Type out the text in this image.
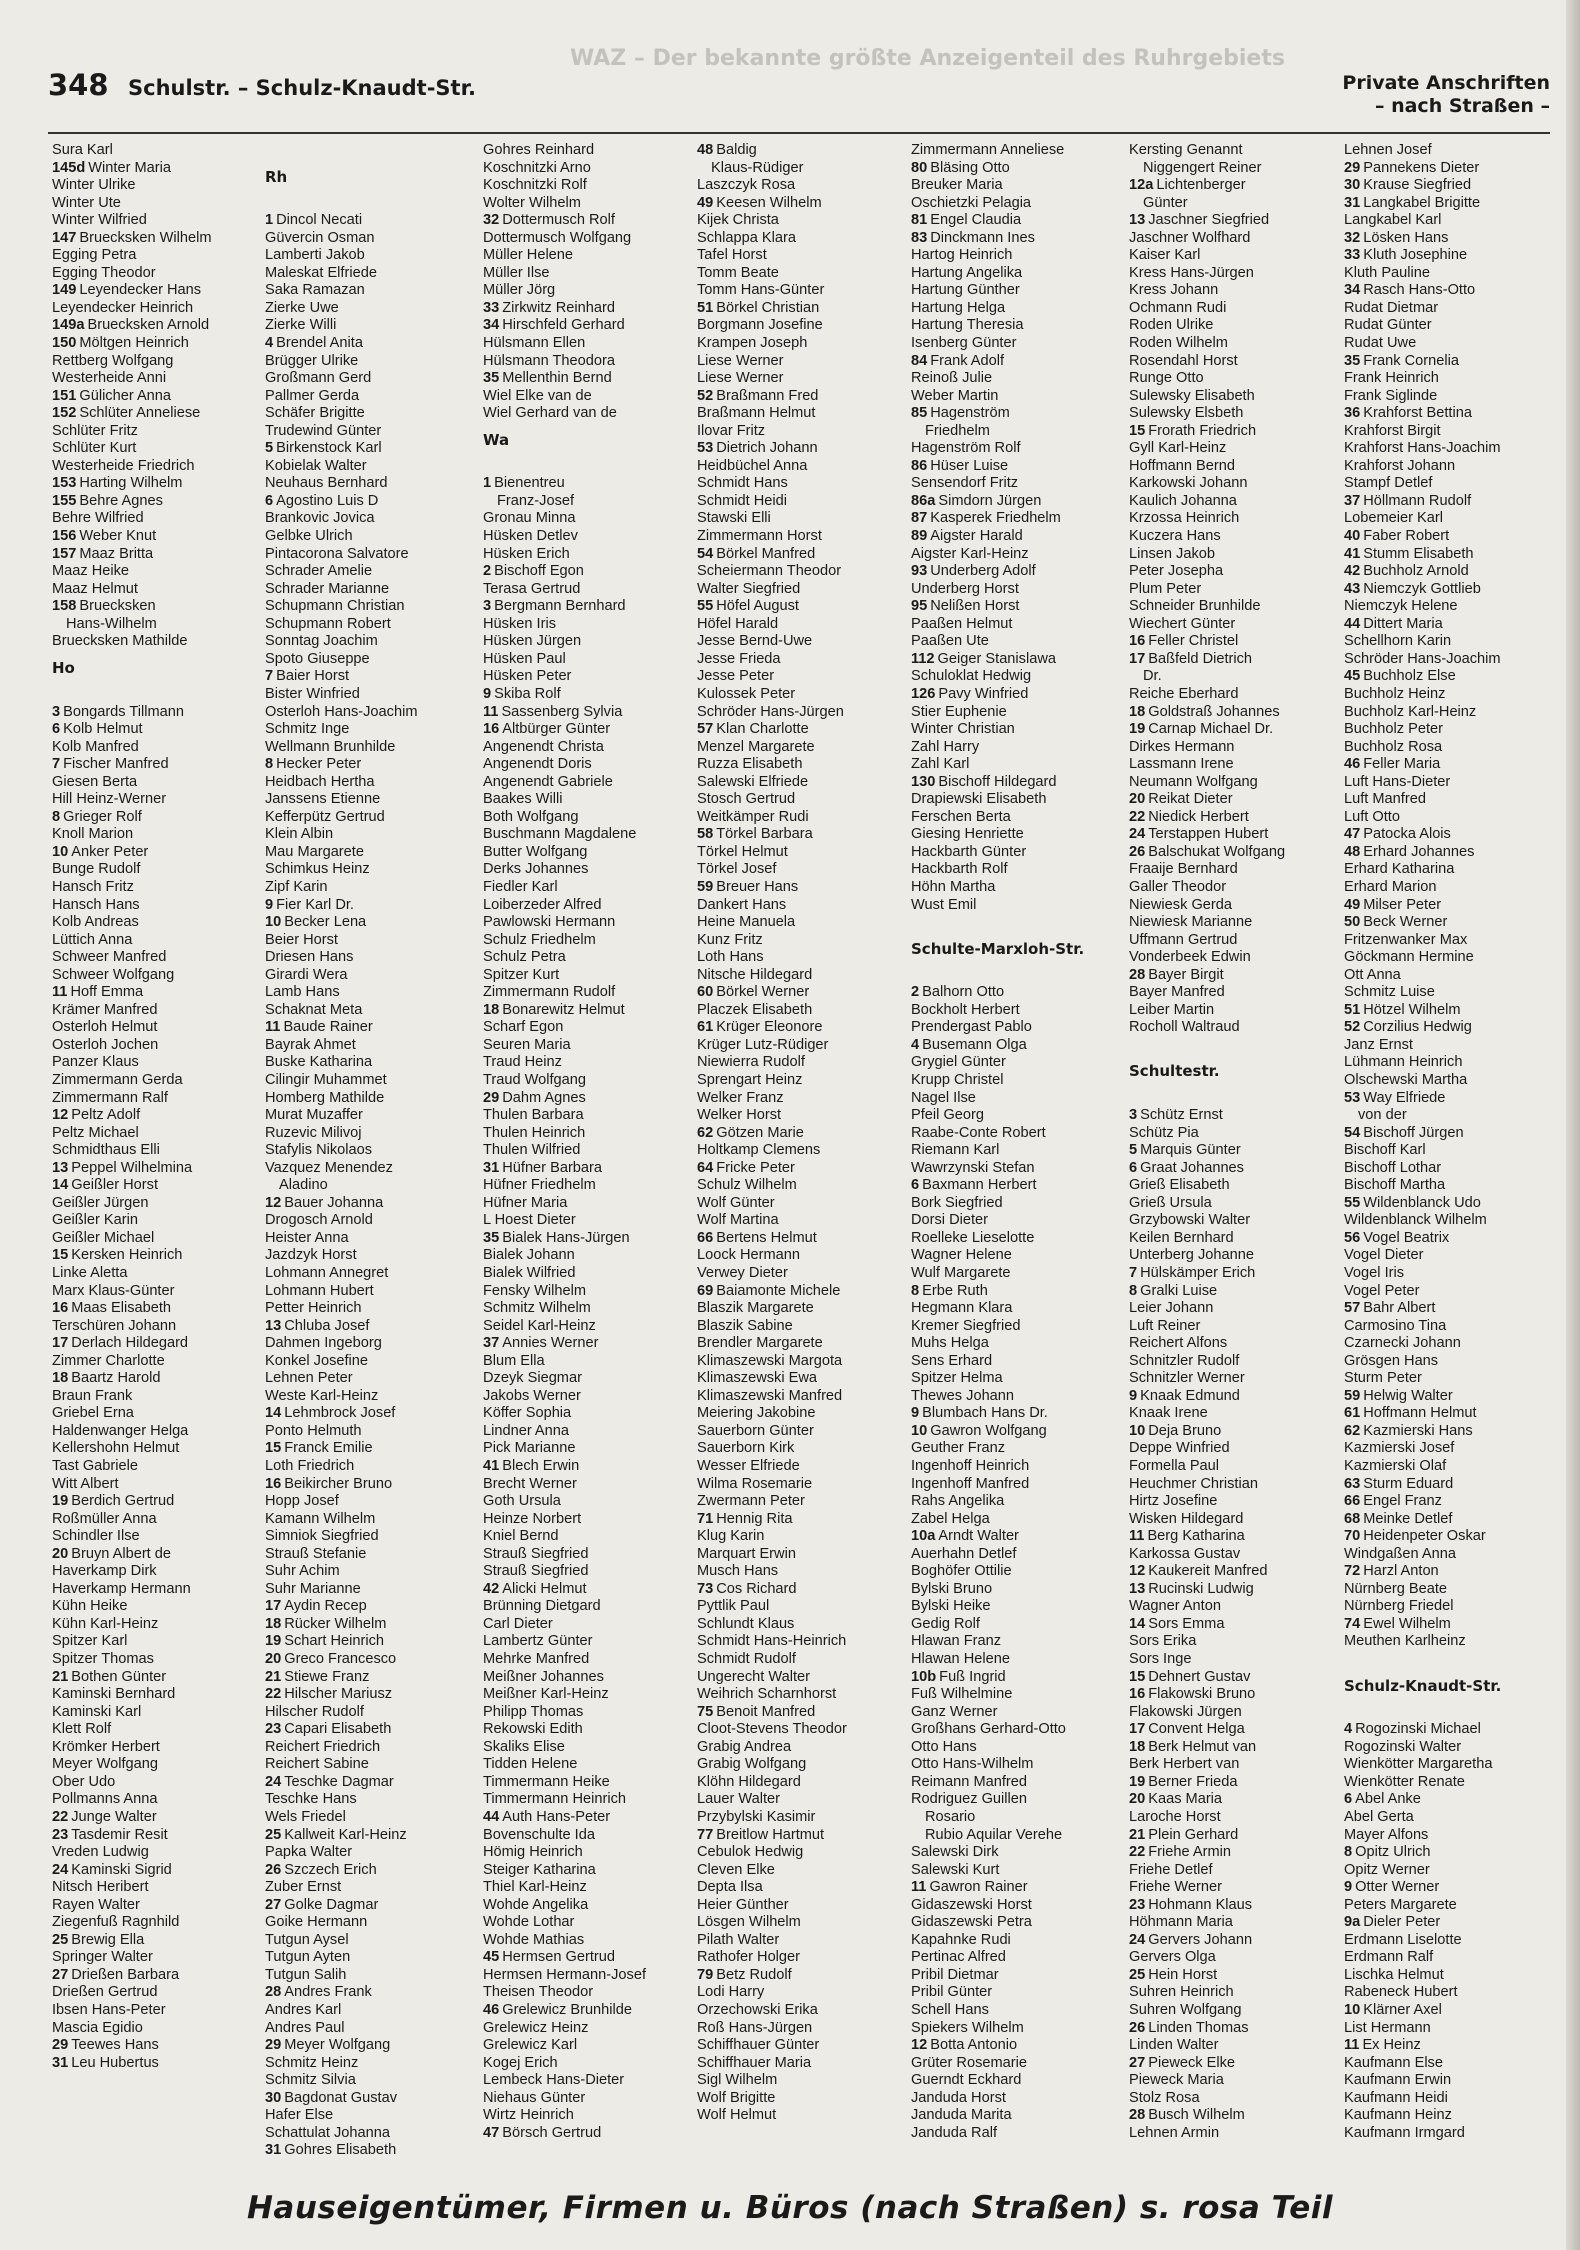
WAZ – Der bekannte größte Anzeigenteil des Ruhrgebiets
348 Schulstr. – Schulz-Knaudt-Str.	Private Anschriften
– nach Straßen –
Sura Karl
145d Winter Maria
Winter Ulrike
Winter Ute
Winter Wilfried
147 Bruecksken Wilhelm
Egging Petra
Egging Theodor
149 Leyendecker Hans
Leyendecker Heinrich
149a Bruecksken Arnold
150 Möltgen Heinrich
Rettberg Wolfgang
Westerheide Anni
151 Gülicher Anna
152 Schlüter Anneliese
Schlüter Fritz
Schlüter Kurt
Westerheide Friedrich
153 Harting Wilhelm
155 Behre Agnes
Behre Wilfried
156 Weber Knut
157 Maaz Britta
Maaz Heike
Maaz Helmut
158 Bruecksken
Hans-Wilhelm
Bruecksken Mathilde
Ho
3 Bongards Tillmann
6 Kolb Helmut
Kolb Manfred
7 Fischer Manfred
Giesen Berta
Hill Heinz-Werner
8 Grieger Rolf
Knoll Marion
10 Anker Peter
Bunge Rudolf
Hansch Fritz
Hansch Hans
Kolb Andreas
Lüttich Anna
Schweer Manfred
Schweer Wolfgang
11 Hoff Emma
Krämer Manfred
Osterloh Helmut
Osterloh Jochen
Panzer Klaus
Zimmermann Gerda
Zimmermann Ralf
12 Peltz Adolf
Peltz Michael
Schmidthaus Elli
13 Peppel Wilhelmina
14 Geißler Horst
Geißler Jürgen
Geißler Karin
Geißler Michael
15 Kersken Heinrich
Linke Aletta
Marx Klaus-Günter
16 Maas Elisabeth
Terschüren Johann
17 Derlach Hildegard
Zimmer Charlotte
18 Baartz Harold
Braun Frank
Griebel Erna
Haldenwanger Helga
Kellershohn Helmut
Tast Gabriele
Witt Albert
19 Berdich Gertrud
Roßmüller Anna
Schindler Ilse
20 Bruyn Albert de
Haverkamp Dirk
Haverkamp Hermann
Kühn Heike
Kühn Karl-Heinz
Spitzer Karl
Spitzer Thomas
21 Bothen Günter
Kaminski Bernhard
Kaminski Karl
Klett Rolf
Krömker Herbert
Meyer Wolfgang
Ober Udo
Pollmanns Anna
22 Junge Walter
23 Tasdemir Resit
Vreden Ludwig
24 Kaminski Sigrid
Nitsch Heribert
Rayen Walter
Ziegenfuß Ragnhild
25 Brewig Ella
Springer Walter
27 Drießen Barbara
Drießen Gertrud
Ibsen Hans-Peter
Mascia Egidio
29 Teewes Hans
31 Leu Hubertus
Rh
1 Dincol Necati
Güvercin Osman
Lamberti Jakob
Maleskat Elfriede
Saka Ramazan
Zierke Uwe
Zierke Willi
4 Brendel Anita
Brügger Ulrike
Großmann Gerd
Pallmer Gerda
Schäfer Brigitte
Trudewind Günter
5 Birkenstock Karl
Kobielak Walter
Neuhaus Bernhard
6 Agostino Luis D
Brankovic Jovica
Gelbke Ulrich
Pintacorona Salvatore
Schrader Amelie
Schrader Marianne
Schupmann Christian
Schupmann Robert
Sonntag Joachim
Spoto Giuseppe
7 Baier Horst
Bister Winfried
Osterloh Hans-Joachim
Schmitz Inge
Wellmann Brunhilde
8 Hecker Peter
Heidbach Hertha
Janssens Etienne
Kefferpütz Gertrud
Klein Albin
Mau Margarete
Schimkus Heinz
Zipf Karin
9 Fier Karl Dr.
10 Becker Lena
Beier Horst
Driesen Hans
Girardi Wera
Lamb Hans
Schaknat Meta
11 Baude Rainer
Bayrak Ahmet
Buske Katharina
Cilingir Muhammet
Homberg Mathilde
Murat Muzaffer
Ruzevic Milivoj
Stafylis Nikolaos
Vazquez Menendez
Aladino
12 Bauer Johanna
Drogosch Arnold
Heister Anna
Jazdzyk Horst
Lohmann Annegret
Lohmann Hubert
Petter Heinrich
13 Chluba Josef
Dahmen Ingeborg
Konkel Josefine
Lehnen Peter
Weste Karl-Heinz
14 Lehmbrock Josef
Ponto Helmuth
15 Franck Emilie
Loth Friedrich
16 Beikircher Bruno
Hopp Josef
Kamann Wilhelm
Simniok Siegfried
Strauß Stefanie
Suhr Achim
Suhr Marianne
17 Aydin Recep
18 Rücker Wilhelm
19 Schart Heinrich
20 Greco Francesco
21 Stiewe Franz
22 Hilscher Mariusz
Hilscher Rudolf
23 Capari Elisabeth
Reichert Friedrich
Reichert Sabine
24 Teschke Dagmar
Teschke Hans
Wels Friedel
25 Kallweit Karl-Heinz
Papka Walter
26 Szczech Erich
Zuber Ernst
27 Golke Dagmar
Goike Hermann
Tutgun Aysel
Tutgun Ayten
Tutgun Salih
28 Andres Frank
Andres Karl
Andres Paul
29 Meyer Wolfgang
Schmitz Heinz
Schmitz Silvia
30 Bagdonat Gustav
Hafer Else
Schattulat Johanna
31 Gohres Elisabeth
Gohres Reinhard
Koschnitzki Arno
Koschnitzki Rolf
Wolter Wilhelm
32 Dottermusch Rolf
Dottermusch Wolfgang
Müller Helene
Müller Ilse
Müller Jörg
33 Zirkwitz Reinhard
34 Hirschfeld Gerhard
Hülsmann Ellen
Hülsmann Theodora
35 Mellenthin Bernd
Wiel Elke van de
Wiel Gerhard van de
Wa
1 Bienentreu
Franz-Josef
Gronau Minna
Hüsken Detlev
Hüsken Erich
2 Bischoff Egon
Terasa Gertrud
3 Bergmann Bernhard
Hüsken Iris
Hüsken Jürgen
Hüsken Paul
Hüsken Peter
9 Skiba Rolf
11 Sassenberg Sylvia
16 Altbürger Günter
Angenendt Christa
Angenendt Doris
Angenendt Gabriele
Baakes Willi
Both Wolfgang
Buschmann Magdalene
Butter Wolfgang
Derks Johannes
Fiedler Karl
Loiberzeder Alfred
Pawlowski Hermann
Schulz Friedhelm
Schulz Petra
Spitzer Kurt
Zimmermann Rudolf
18 Bonarewitz Helmut
Scharf Egon
Seuren Maria
Traud Heinz
Traud Wolfgang
29 Dahm Agnes
Thulen Barbara
Thulen Heinrich
Thulen Wilfried
31 Hüfner Barbara
Hüfner Friedhelm
Hüfner Maria
L Hoest Dieter
35 Bialek Hans-Jürgen
Bialek Johann
Bialek Wilfried
Fensky Wilhelm
Schmitz Wilhelm
Seidel Karl-Heinz
37 Annies Werner
Blum Ella
Dzeyk Siegmar
Jakobs Werner
Köffer Sophia
Lindner Anna
Pick Marianne
41 Blech Erwin
Brecht Werner
Goth Ursula
Heinze Norbert
Kniel Bernd
Strauß Siegfried
Strauß Siegfried
42 Alicki Helmut
Brünning Dietgard
Carl Dieter
Lambertz Günter
Mehrke Manfred
Meißner Johannes
Meißner Karl-Heinz
Philipp Thomas
Rekowski Edith
Skaliks Elise
Tidden Helene
Timmermann Heike
Timmermann Heinrich
44 Auth Hans-Peter
Bovenschulte Ida
Hömig Heinrich
Steiger Katharina
Thiel Karl-Heinz
Wohde Angelika
Wohde Lothar
Wohde Mathias
45 Hermsen Gertrud
Hermsen Hermann-Josef
Theisen Theodor
46 Grelewicz Brunhilde
Grelewicz Heinz
Grelewicz Karl
Kogej Erich
Lembeck Hans-Dieter
Niehaus Günter
Wirtz Heinrich
47 Börsch Gertrud
48 Baldig
Klaus-Rüdiger
Laszczyk Rosa
49 Keesen Wilhelm
Kijek Christa
Schlappa Klara
Tafel Horst
Tomm Beate
Tomm Hans-Günter
51 Börkel Christian
Borgmann Josefine
Krampen Joseph
Liese Werner
Liese Werner
52 Braßmann Fred
Braßmann Helmut
Ilovar Fritz
53 Dietrich Johann
Heidbüchel Anna
Schmidt Hans
Schmidt Heidi
Stawski Elli
Zimmermann Horst
54 Börkel Manfred
Scheiermann Theodor
Walter Siegfried
55 Höfel August
Höfel Harald
Jesse Bernd-Uwe
Jesse Frieda
Jesse Peter
Kulossek Peter
Schröder Hans-Jürgen
57 Klan Charlotte
Menzel Margarete
Ruzza Elisabeth
Salewski Elfriede
Stosch Gertrud
Weitkämper Rudi
58 Törkel Barbara
Törkel Helmut
Törkel Josef
59 Breuer Hans
Dankert Hans
Heine Manuela
Kunz Fritz
Loth Hans
Nitsche Hildegard
60 Börkel Werner
Placzek Elisabeth
61 Krüger Eleonore
Krüger Lutz-Rüdiger
Niewierra Rudolf
Sprengart Heinz
Welker Franz
Welker Horst
62 Götzen Marie
Holtkamp Clemens
64 Fricke Peter
Schulz Wilhelm
Wolf Günter
Wolf Martina
66 Bertens Helmut
Loock Hermann
Verwey Dieter
69 Baiamonte Michele
Blaszik Margarete
Blaszik Sabine
Brendler Margarete
Klimaszewski Margota
Klimaszewski Ewa
Klimaszewski Manfred
Meiering Jakobine
Sauerborn Günter
Sauerborn Kirk
Wesser Elfriede
Wilma Rosemarie
Zwermann Peter
71 Hennig Rita
Klug Karin
Marquart Erwin
Musch Hans
73 Cos Richard
Pyttlik Paul
Schlundt Klaus
Schmidt Hans-Heinrich
Schmidt Rudolf
Ungerecht Walter
Weihrich Scharnhorst
75 Benoit Manfred
Cloot-Stevens Theodor
Grabig Andrea
Grabig Wolfgang
Klöhn Hildegard
Lauer Walter
Przybylski Kasimir
77 Breitlow Hartmut
Cebulok Hedwig
Cleven Elke
Depta Ilsa
Heier Günther
Lösgen Wilhelm
Pilath Walter
Rathofer Holger
79 Betz Rudolf
Lodi Harry
Orzechowski Erika
Roß Hans-Jürgen
Schiffhauer Günter
Schiffhauer Maria
Sigl Wilhelm
Wolf Brigitte
Wolf Helmut
Zimmermann Anneliese
80 Bläsing Otto
Breuker Maria
Oschietzki Pelagia
81 Engel Claudia
83 Dinckmann Ines
Hartog Heinrich
Hartung Angelika
Hartung Günther
Hartung Helga
Hartung Theresia
Isenberg Günter
84 Frank Adolf
Reinoß Julie
Weber Martin
85 Hagenström
Friedhelm
Hagenström Rolf
86 Hüser Luise
Sensendorf Fritz
86a Simdorn Jürgen
87 Kasperek Friedhelm
89 Aigster Harald
Aigster Karl-Heinz
93 Underberg Adolf
Underberg Horst
95 Nelißen Horst
Paaßen Helmut
Paaßen Ute
112 Geiger Stanislawa
Schuloklat Hedwig
126 Pavy Winfried
Stier Euphenie
Winter Christian
Zahl Harry
Zahl Karl
130 Bischoff Hildegard
Drapiewski Elisabeth
Ferschen Berta
Giesing Henriette
Hackbarth Günter
Hackbarth Rolf
Höhn Martha
Wust Emil
Schulte-Marxloh-Str.
2 Balhorn Otto
Bockholt Herbert
Prendergast Pablo
4 Busemann Olga
Grygiel Günter
Krupp Christel
Nagel Ilse
Pfeil Georg
Raabe-Conte Robert
Riemann Karl
Wawrzynski Stefan
6 Baxmann Herbert
Bork Siegfried
Dorsi Dieter
Roelleke Lieselotte
Wagner Helene
Wulf Margarete
8 Erbe Ruth
Hegmann Klara
Kremer Siegfried
Muhs Helga
Sens Erhard
Spitzer Helma
Thewes Johann
9 Blumbach Hans Dr.
10 Gawron Wolfgang
Geuther Franz
Ingenhoff Heinrich
Ingenhoff Manfred
Rahs Angelika
Zabel Helga
10a Arndt Walter
Auerhahn Detlef
Boghöfer Ottilie
Bylski Bruno
Bylski Heike
Gedig Rolf
Hlawan Franz
Hlawan Helene
10b Fuß Ingrid
Fuß Wilhelmine
Ganz Werner
Großhans Gerhard-Otto
Otto Hans
Otto Hans-Wilhelm
Reimann Manfred
Rodriguez Guillen
Rosario
Rubio Aquilar Verehe
Salewski Dirk
Salewski Kurt
11 Gawron Rainer
Gidaszewski Horst
Gidaszewski Petra
Kapahnke Rudi
Pertinac Alfred
Pribil Dietmar
Pribil Günter
Schell Hans
Spiekers Wilhelm
12 Botta Antonio
Grüter Rosemarie
Guerndt Eckhard
Janduda Horst
Janduda Marita
Janduda Ralf
Kersting Genannt
Niggengert Reiner
12a Lichtenberger
Günter
13 Jaschner Siegfried
Jaschner Wolfhard
Kaiser Karl
Kress Hans-Jürgen
Kress Johann
Ochmann Rudi
Roden Ulrike
Roden Wilhelm
Rosendahl Horst
Runge Otto
Sulewsky Elisabeth
Sulewsky Elsbeth
15 Frorath Friedrich
Gyll Karl-Heinz
Hoffmann Bernd
Karkowski Johann
Kaulich Johanna
Krzossa Heinrich
Kuczera Hans
Linsen Jakob
Peter Josepha
Plum Peter
Schneider Brunhilde
Wiechert Günter
16 Feller Christel
17 Baßfeld Dietrich
Dr.
Reiche Eberhard
18 Goldstraß Johannes
19 Carnap Michael Dr.
Dirkes Hermann
Lassmann Irene
Neumann Wolfgang
20 Reikat Dieter
22 Niedick Herbert
24 Terstappen Hubert
26 Balschukat Wolfgang
Fraaije Bernhard
Galler Theodor
Niewiesk Gerda
Niewiesk Marianne
Uffmann Gertrud
Vonderbeek Edwin
28 Bayer Birgit
Bayer Manfred
Leiber Martin
Rocholl Waltraud
Schultestr.
3 Schütz Ernst
Schütz Pia
5 Marquis Günter
6 Graat Johannes
Grieß Elisabeth
Grieß Ursula
Grzybowski Walter
Keilen Bernhard
Unterberg Johanne
7 Hülskämper Erich
8 Gralki Luise
Leier Johann
Luft Reiner
Reichert Alfons
Schnitzler Rudolf
Schnitzler Werner
9 Knaak Edmund
Knaak Irene
10 Deja Bruno
Deppe Winfried
Formella Paul
Heuchmer Christian
Hirtz Josefine
Wisken Hildegard
11 Berg Katharina
Karkossa Gustav
12 Kaukereit Manfred
13 Rucinski Ludwig
Wagner Anton
14 Sors Emma
Sors Erika
Sors Inge
15 Dehnert Gustav
16 Flakowski Bruno
Flakowski Jürgen
17 Convent Helga
18 Berk Helmut van
Berk Herbert van
19 Berner Frieda
20 Kaas Maria
Laroche Horst
21 Plein Gerhard
22 Friehe Armin
Friehe Detlef
Friehe Werner
23 Hohmann Klaus
Höhmann Maria
24 Gervers Johann
Gervers Olga
25 Hein Horst
Suhren Heinrich
Suhren Wolfgang
26 Linden Thomas
Linden Walter
27 Pieweck Elke
Pieweck Maria
Stolz Rosa
28 Busch Wilhelm
Lehnen Armin
Lehnen Josef
29 Pannekens Dieter
30 Krause Siegfried
31 Langkabel Brigitte
Langkabel Karl
32 Lösken Hans
33 Kluth Josephine
Kluth Pauline
34 Rasch Hans-Otto
Rudat Dietmar
Rudat Günter
Rudat Uwe
35 Frank Cornelia
Frank Heinrich
Frank Siglinde
36 Krahforst Bettina
Krahforst Birgit
Krahforst Hans-Joachim
Krahforst Johann
Stampf Detlef
37 Höllmann Rudolf
Lobemeier Karl
40 Faber Robert
41 Stumm Elisabeth
42 Buchholz Arnold
43 Niemczyk Gottlieb
Niemczyk Helene
44 Dittert Maria
Schellhorn Karin
Schröder Hans-Joachim
45 Buchholz Else
Buchholz Heinz
Buchholz Karl-Heinz
Buchholz Peter
Buchholz Rosa
46 Feller Maria
Luft Hans-Dieter
Luft Manfred
Luft Otto
47 Patocka Alois
48 Erhard Johannes
Erhard Katharina
Erhard Marion
49 Milser Peter
50 Beck Werner
Fritzenwanker Max
Göckmann Hermine
Ott Anna
Schmitz Luise
51 Hötzel Wilhelm
52 Corzilius Hedwig
Janz Ernst
Lühmann Heinrich
Olschewski Martha
53 Way Elfriede
von der
54 Bischoff Jürgen
Bischoff Karl
Bischoff Lothar
Bischoff Martha
55 Wildenblanck Udo
Wildenblanck Wilhelm
56 Vogel Beatrix
Vogel Dieter
Vogel Iris
Vogel Peter
57 Bahr Albert
Carmosino Tina
Czarnecki Johann
Grösgen Hans
Sturm Peter
59 Helwig Walter
61 Hoffmann Helmut
62 Kazmierski Hans
Kazmierski Josef
Kazmierski Olaf
63 Sturm Eduard
66 Engel Franz
68 Meinke Detlef
70 Heidenpeter Oskar
Windgaßen Anna
72 Harzl Anton
Nürnberg Beate
Nürnberg Friedel
74 Ewel Wilhelm
Meuthen Karlheinz
Schulz-Knaudt-Str.
4 Rogozinski Michael
Rogozinski Walter
Wienkötter Margaretha
Wienkötter Renate
6 Abel Anke
Abel Gerta
Mayer Alfons
8 Opitz Ulrich
Opitz Werner
9 Otter Werner
Peters Margarete
9a Dieler Peter
Erdmann Liselotte
Erdmann Ralf
Lischka Helmut
Rabeneck Hubert
10 Klärner Axel
List Hermann
11 Ex Heinz
Kaufmann Else
Kaufmann Erwin
Kaufmann Heidi
Kaufmann Heinz
Kaufmann Irmgard
Hauseigentümer, Firmen u. Büros (nach Straßen) s. rosa Teil
